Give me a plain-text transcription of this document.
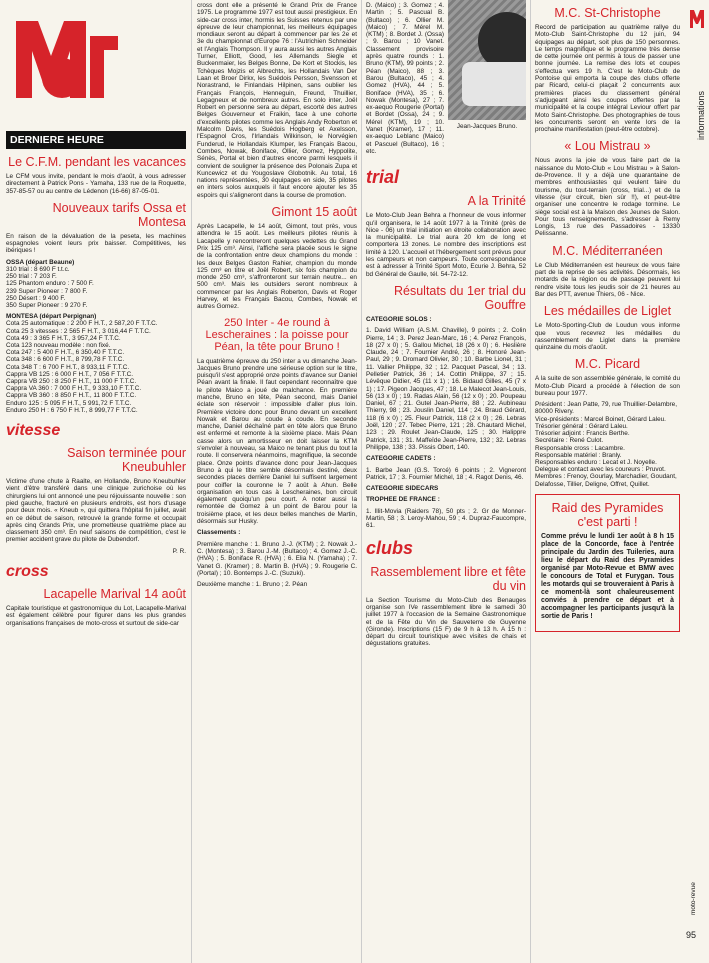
DERNIERE HEURE
Le C.F.M. pendant les vacances

Le CFM vous invite, pendant le mois d'août, à vous adresser directement à Patrick Pons - Yamaha, 133 rue de la Roquette, 357-85-57 ou au centre de Lédenon (16-66) 87-05-01.

Nouveaux tarifs Ossa et Montesa

En raison de la dévaluation de la peseta, les machines espagnoles voient leurs prix baisser. Compétitives, les ibériques !

OSSA (départ Beaune)

310 trial : 8 690 F t.t.c.
250 trial : 7 203 F.
125 Phantom enduro : 7 500 F.
239 Super Pioneer : 7 800 F.
250 Désert : 9 400 F.
350 Super Pioneer : 9 270 F.

MONTESA (départ Perpignan)

Cota 25 automatique : 2 200 F H.T., 2 587,20 F T.T.C.
Cota 25 3 vitesses : 2 565 F H.T., 3 016,44 F T.T.C.
Cota 49 : 3 365 F H.T., 3 957,24 F T.T.C.
Cota 123 nouveau modèle : non fixé.
Cota 247 : 5 400 F H.T., 6 350,40 F T.T.C.
Cota 348 : 6 600 F H.T., 8 799,78 F T.T.C.
Cota 348 T : 6 700 F H.T., 8 933,11 F T.T.C.
Cappra VB 125 : 6 000 F H.T., 7 056 F T.T.C.
Cappra VB 250 : 8 250 F H.T., 11 000 F T.T.C.
Cappra VA 360 : 7 000 F H.T., 9 333,10 F T.T.C.
Cappra VB 360 : 8 850 F H.T., 11 800 F T.T.C.
Enduro 125 : 5 095 F H.T., 5 991,72 F T.T.C.
Enduro 250 H : 6 750 F H.T., 8 999,77 F T.T.C.
vitesse
Saison terminée pour Kneubuhler

Victime d'une chute à Raalte, en Hollande, Bruno Kneubuhler vient d'être transféré dans une clinique zurichoise où les chirurgiens lui ont annoncé une peu réjouissante nouvelle : son pied gauche, fracturé en plusieurs endroits, est hors d'usage pour deux mois. « Kneub », qui quittera l'hôpital fin juillet, avait en ce début de saison, retrouvé la grande forme et occupait après cinq Grands Prix, une prometteuse quatrième place au classement 350 cm³. En neuf saisons de compétition, c'est le premier accident grave du pilote de Dubendorf.

P. R.

cross
Lacapelle Marival 14 août

Capitale touristique et gastronomique du Lot, Lacapelle-Marival est également célèbre pour figurer dans les plus grandes organisations françaises de moto-cross et surtout de side-car

cross dont elle a présenté le Grand Prix de France 1975. Le programme 1977 est tout aussi prestigieux. En side-car cross inter, hormis les Suisses retenus par une épreuve de leur championnat, les meilleurs équipages mondiaux seront au départ à commencer par les 2e et 3e du championnat d'Europe 76 : l'Autrichien Schneider et l'Anglais Thompson. Il y aura aussi les autres Anglais Turner, Elliott, Good, les Allemands Siegle et Buckenmaier, les Belges Bonne, De Kort et Stockis, les Tchèques Mojzis et Albrechts, les Hollandais Van Der Laan et Broer Dirkx, les Suédois Persson, Svensson et Norastrand, le Finlandais Hilpinen, sans oublier les Français François, Henneguin, Freund, Thuillier, Legagneux et de nombreux autres. En solo inter, Joël Robert en personne sera au départ, escorté des autres Belges Gouverneur et Fraikin, face à une cohorte d'excellents pilotes comme les Anglais Andy Roberton et Malcolm Davis, les Suédois Hogberg et Axelsson, l'Espagnol Cros, l'Irlandais Wilkinson, le Norvégien Funderud, le Hollandais Klumper, les Français Bacou, Combes, Nowak, Boniface, Ollier, Gomez, Hyppolite, Sénès, Portal et bien d'autres encore parmi lesquels il convient de souligner la présence des Polonais Zupa et Kuncewicz et du Yougoslave Globotnik. Au total, 16 nations représentées, 30 équipages en side, 35 pilotes en inters solos auxquels il faut encore ajouter les 35 espoirs qui s'aligneront dans la course de promotion.

Gimont 15 août

Après Lacapelle, le 14 août, Gimont, tout près, vous attendra le 15 août. Les meilleurs pilotes réunis à Lacapelle y rencontreront quelques vedettes du Grand Prix 125 cm³. Ainsi, l'affiche sera placée sous le signe de la confrontation entre deux champions du monde : les deux Belges Gaston Rahier, champion du monde 125 cm³ en titre et Joël Robert, six fois champion du monde 250 cm³, s'affronteront sur terrain neutre... en 500 cm³. Mais les outsiders seront nombreux à commencer par les Anglais Roberton, Davis et Roger Harvey, et les Français Bacou, Combes, Nowak et autres Gomez.

250 Inter - 4e round à Lescheraines : la poisse pour Péan, la tête pour Bruno !

La quatrième épreuve du 250 inter a vu dimanche Jean-Jacques Bruno prendre une sérieuse option sur le titre, puisqu'il s'est approprié onze points d'avance sur Daniel Péan avant la finale. Il faut cependant reconnaître que le pilote Maico a joué de malchance. En première manche, Bruno en tête, Péan second, mais Daniel éclate son réservoir : impossible d'aller plus loin. Première victoire donc pour Bruno devant un excellent Nowak et Barou au coude à coude. En seconde manche, Daniel déchaîné part en tête alors que Bruno est enfermé et remonte à la sixième place. Mais Péan casse alors un amortisseur en doit laisser la KTM s'envoler à nouveau, sa Maico ne tenant plus du tout la route. Il conservera néanmoins, magnifique, la seconde place. Onze points d'avance donc pour Jean-Jacques Bruno à qui le titre semble désormais destiné, deux secondes places derrière Daniel lui suffisent largement pour coiffer la couronne le 7 août à Ahun. Belle organisation en tous cas à Lescheraines, bon circuit également quoiqu'un peu court. A noter aussi la remontée de Gomez à un point de Barou pour la troisième place, et les deux belles manches de Martin, désormais sur Husky.

Classements :

Première manche : 1. Bruno J.-J. (KTM) ; 2. Nowak J.-C. (Montesa) ; 3. Barou J.-M. (Bultaco) ; 4. Gomez J.-C. (HVA) ; 5. Boniface R. (HVA) ; 6. Elia N. (Yamaha) ; 7. Vanet G. (Kramer) ; 8. Martin B. (HVA) ; 9. Rougerie C. (Portal) ; 10. Bontemps J.-C. (Suzuki).

Deuxième manche : 1. Bruno ; 2. Péan

D. (Maico) ; 3. Gomez ; 4. Martin ; 5. Pascual B. (Bultaco) ; 6. Ollier M. (Maico) ; 7. Mérel M. (KTM) ; 8. Bordet J. (Ossa) ; 9. Barou ; 10 Vanet. Classement provisoire après quatre rounds : 1. Bruno (KTM), 99 points ; 2. Péan (Maico), 88 ; 3. Barou (Bultaco), 45 ; 4. Gomez (HVA), 44 ; 5. Boniface (HVA), 35 ; 6. Nowak (Montesa), 27 ; 7. ex-aequo Rougerie (Portal) et Bordet (Ossa), 24 ; 9. Mérel (KTM), 19 ; 10. Vanet (Kramer), 17 ; 11. ex-aequo Leblanc (Maico) et Pascuel (Bultaco), 16 ; etc.

Jean-Jacques Bruno.

trial
A la Trinité

Le Moto-Club Jean Behra a l'honneur de vous informer qu'il organisera, le 14 août 1977 à la Trinité (près de Nice - 06) un trial initiation en étroite collaboration avec la municipalité. Le trial aura 20 km de long et comportera 13 zones. Le nombre des inscriptions est limité à 120. L'accueil et l'hébergement sont prévus pour les campeurs et non campeurs. Toute correspondance est à adresser à Trinité Sport Moto, Ecurie J. Behra, 52 bd Général de Gaulle, tél. 54-72-12.

Résultats du 1er trial du Gouffre

CATEGORIE SOLOS :

1. David William (A.S.M. Chaville), 9 points ; 2. Colin Pierre, 14 ; 3. Perez Jean-Marc, 16 ; 4. Perez François, 18 (27 x 0) ; 5. Gallou Michel, 18 (26 x 0) ; 6. Heslière Claude, 24 ; 7. Fournier André, 26 ; 8. Honoré Jean-Paul, 29 ; 9. Dromard Olivier, 30 ; 10. Barbe Lionel, 31 ; 11. Vallier Philippe, 32 ; 12. Pacquet Pascal, 34 ; 13. Pelletier Patrick, 36 ; 14. Cottin Philippe, 37 ; 15. Lévêque Didier, 45 (11 x 1) ; 16. Bidaud Gilles, 45 (7 x 1) ; 17. Pigeon Jacques, 47 ; 18. Le Malecot Jean-Louis, 56 (13 x 0) ; 19. Radas Alain, 56 (12 x 0) ; 20. Poupeau Daniel, 67 ; 21. Gutel Jean-Pierre, 88 ; 22. Aubineau Thierry, 98 ; 23. Jouslin Daniel, 114 ; 24. Braud Gérard, 118 (6 x 0) ; 25. Fleur Patrick, 118 (2 x 0) ; 26. Lebras Joël, 120 ; 27. Tebec Pierre, 121 ; 28. Chautard Michel, 123 ; 29. Roulet Jean-Claude, 125 ; 30. Halippre Patrick, 131 ; 31. Maffeïde Jean-Pierre, 132 ; 32. Lebras Philippe, 138 ; 33. Pissis Obert, 140.

CATEGORIE CADETS :

1. Barbe Jean (G.S. Torcé) 6 points ; 2. Vigneront Patrick, 17 ; 3. Fournier Michel, 18 ; 4. Ragot Denis, 46.

CATEGORIE SIDECARS

TROPHEE DE FRANCE :

1. Illit-Movia (Raiders 78), 50 pts ; 2. Gr de Monner-Martin, 58 ; 3. Leroy-Mahou, 59 ; 4. Dupraz-Faucompre, 61.

clubs
Rassemblement libre et fête du vin

La Section Tourisme du Moto-Club des Benauges organise son IVe rassemblement libre le samedi 30 juillet 1977 à l'occasion de la Semaine Gastronomique et de la Fête du Vin de Sauveterre de Guyenne (Gironde). Inscriptions (15 F) de 9 h à 13 h. A 15 h : départ du circuit touristique avec visites de chais et dégustations gratuites.

M.C. St-Christophe

Record de participation au quatrième rallye du Moto-Club Saint-Christophe du 12 juin, 94 équipages au départ, soit plus de 150 personnes. Le temps magnifique et le programme très dense de cette journée ont permis à tous de passer une bonne journée. La remise des lots et coupes s'effectua vers 19 h. C'est le Moto-Club de Pontoise qui emporta la coupe des clubs offerte par Ricard, celui-ci plaçait 2 concurrents aux premières places du classement général s'adjugeant ainsi les coupes offertes par la municipalité et la coupe intégral Leviour offert par Moto Saint-Christophe. Des photographies de tous les concurrents seront en vente lors de la prochaine manifestation (peut-être octobre).

« Lou Mistrau »

Nous avons la joie de vous faire part de la naissance du Moto-Club « Lou Mistrau » à Salon-de-Provence. Il y a déjà une quarantaine de membres enthousiastes qui veulent faire du tourisme, du tout-terrain (cross, trial...) et de la vitesse (sur circuit, bien sûr !!), et peut-être organiser une concentre le rodage tormine. Le siège social est à la Maison des Jeunes de Salon. Pour tous renseignements, s'adresser à Remy Longis, 13 rue des Passadoires - 13330 Pelissanne.

M.C. Méditerranéen

Le Club Méditerranéen est heureux de vous faire part de la reprise de ses activités. Désormais, les motards de la région ou de passage peuvent lui rendre visite tous les jeudis soir de 21 heures au Bar des PTT, avenue Thiers, 06 - Nice.

Les médailles de Liglet

Le Moto-Sporting-Club de Loudun vous informe que vous recevrez les médailles du rassemblement de Liglet dans la première quinzaine du mois d'août.

M.C. Picard

A la suite de son assemblée générale, le comité du Moto-Club Picard a procédé à l'élection de son bureau pour 1977.

Président : Jean Patte, 79, rue Thuillier-Delambre, 80000 Rivery.
Vice-présidents : Marcel Boinet, Gérard Laleu.
Trésorier général : Gérard Laleu.
Trésorier adjoint : Francis Berthe.
Secrétaire : René Culot.
Responsable cross : Lacambre.
Responsable matériel : Branly.
Responsables enduro : Lecat et J. Noyelle.
Delegue et contact avec les coureurs : Pruvot.
Membres : Frenoy, Gourlay, Marchadier, Goudant, Delafosse, Tillier, Deligne, Offret, Quillet.
Raid des Pyramides c'est parti !

Comme prévu le lundi 1er août à 8 h 15 place de la Concorde, face à l'entrée principale du Jardin des Tuileries, aura lieu le départ du Raid des Pyramides organisé par Moto-Revue et BMW avec le concours de Total et Furygan. Tous les motards qui se trouveraient à Paris à ce moment-là sont chaleureusement conviés à prendre ce départ et à accompagner les participants jusqu'à la sortie de Paris !

informations
moto-revue
95
